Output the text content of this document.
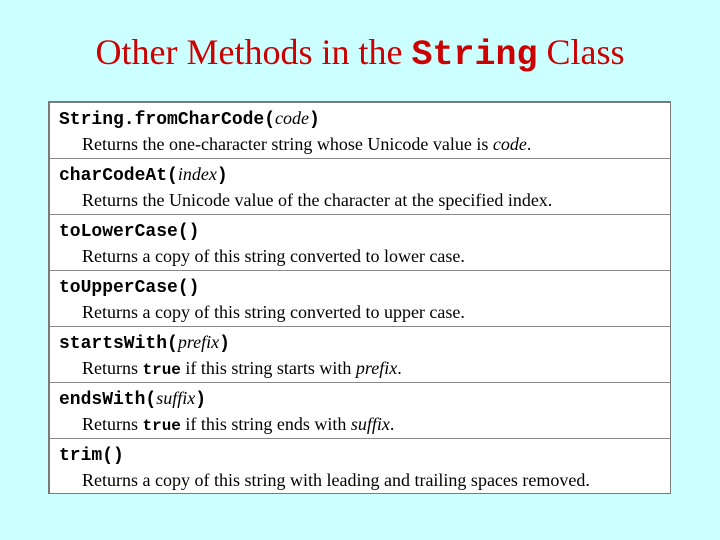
Other Methods in the String Class
String.fromCharCode(code)
Returns the one-character string whose Unicode value is code.
charCodeAt(index)
Returns the Unicode value of the character at the specified index.
toLowerCase()
Returns a copy of this string converted to lower case.
toUpperCase()
Returns a copy of this string converted to upper case.
startsWith(prefix)
Returns true if this string starts with prefix.
endsWith(suffix)
Returns true if this string ends with suffix.
trim()
Returns a copy of this string with leading and trailing spaces removed.
